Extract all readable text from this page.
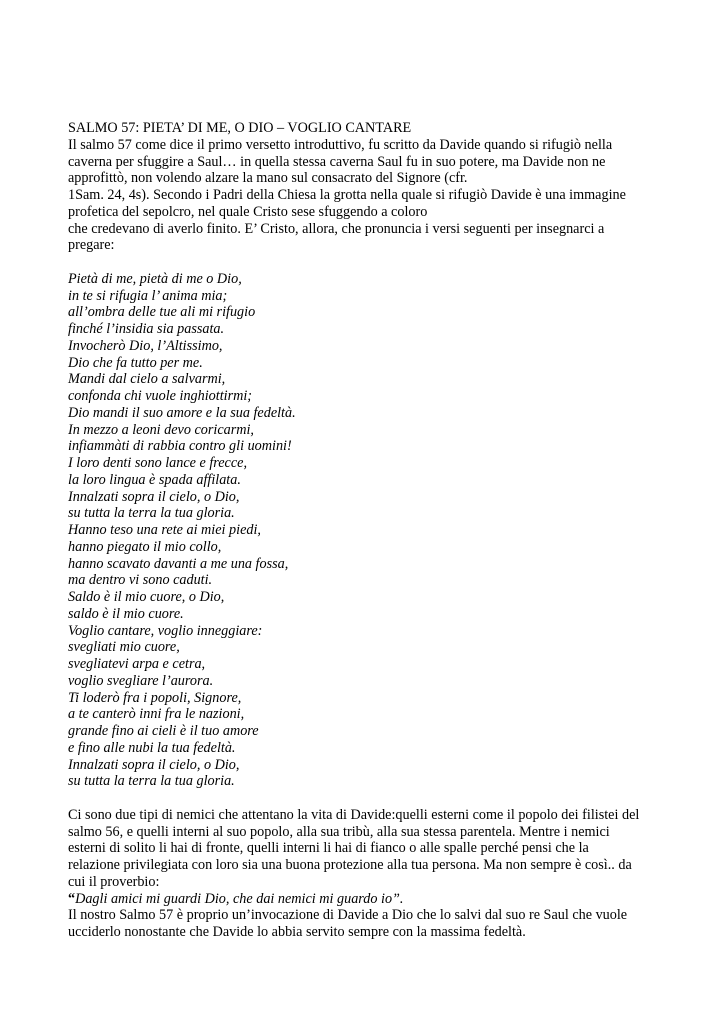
SALMO 57: PIETA’ DI ME, O DIO – VOGLIO CANTARE
Il salmo 57 come dice il primo versetto introduttivo, fu scritto da Davide quando si rifugiò nella
caverna per sfuggire a Saul… in quella stessa caverna Saul fu in suo potere, ma Davide non ne
approfittò, non volendo alzare la mano sul consacrato del Signore (cfr.
1Sam. 24, 4s). Secondo i Padri della Chiesa la grotta nella quale si rifugiò Davide è una immagine
profetica del sepolcro, nel quale Cristo sesе sfuggendo a coloro
che credevano di averlo finito. E’ Cristo, allora, che pronuncia i versi seguenti per insegnarci a
pregare:
Pietà di me, pietà di me o Dio,
in te si rifugia l’ anima mia;
all’ombra delle tue ali mi rifugio
finché l’insidia sia passata.
Invocherò Dio, l’Altissimo,
Dio che fa tutto per me.
Mandi dal cielo a salvarmi,
confonda chi vuole inghiottirmi;
Dio mandi il suo amore e la sua fedeltà.
In mezzo a leoni devo coricarmi,
infiammàti di rabbia contro gli uomini!
I loro denti sono lance e frecce,
la loro lingua è spada affilata.
Innalzati sopra il cielo, o Dio,
su tutta la terra la tua gloria.
Hanno teso una rete ai miei piedi,
hanno piegato il mio collo,
hanno scavato davanti a me una fossa,
ma dentro vi sono caduti.
Saldo è il mio cuore, o Dio,
saldo è il mio cuore.
Voglio cantare, voglio inneggiare:
svegliati mio cuore,
svegliatevi arpa e cetra,
voglio svegliare l’aurora.
Ti loderò fra i popoli, Signore,
a te canterò inni fra le nazioni,
grande fino ai cieli è il tuo amore
e fino alle nubi la tua fedeltà.
Innalzati sopra il cielo, o Dio,
su tutta la terra la tua gloria.
Ci sono due tipi di nemici che attentano la vita di Davide:quelli esterni come il popolo dei filistei del
salmo 56, e quelli interni al suo popolo, alla sua tribù, alla sua stessa parentela. Mentre i nemici
esterni di solito li hai di fronte, quelli interni li hai di fianco o alle spalle perché pensi che la
relazione privilegiata con loro sia una buona protezione alla tua persona. Ma non sempre è così.. da
cui il proverbio:
“Dagli amici mi guardi Dio, che dai nemici mi guardo io”.
Il nostro Salmo 57 è proprio un’invocazione di Davide a Dio che lo salvi dal suo re Saul che vuole
ucciderlo nonostante che Davide lo abbia servito sempre con la massima fedeltà.
